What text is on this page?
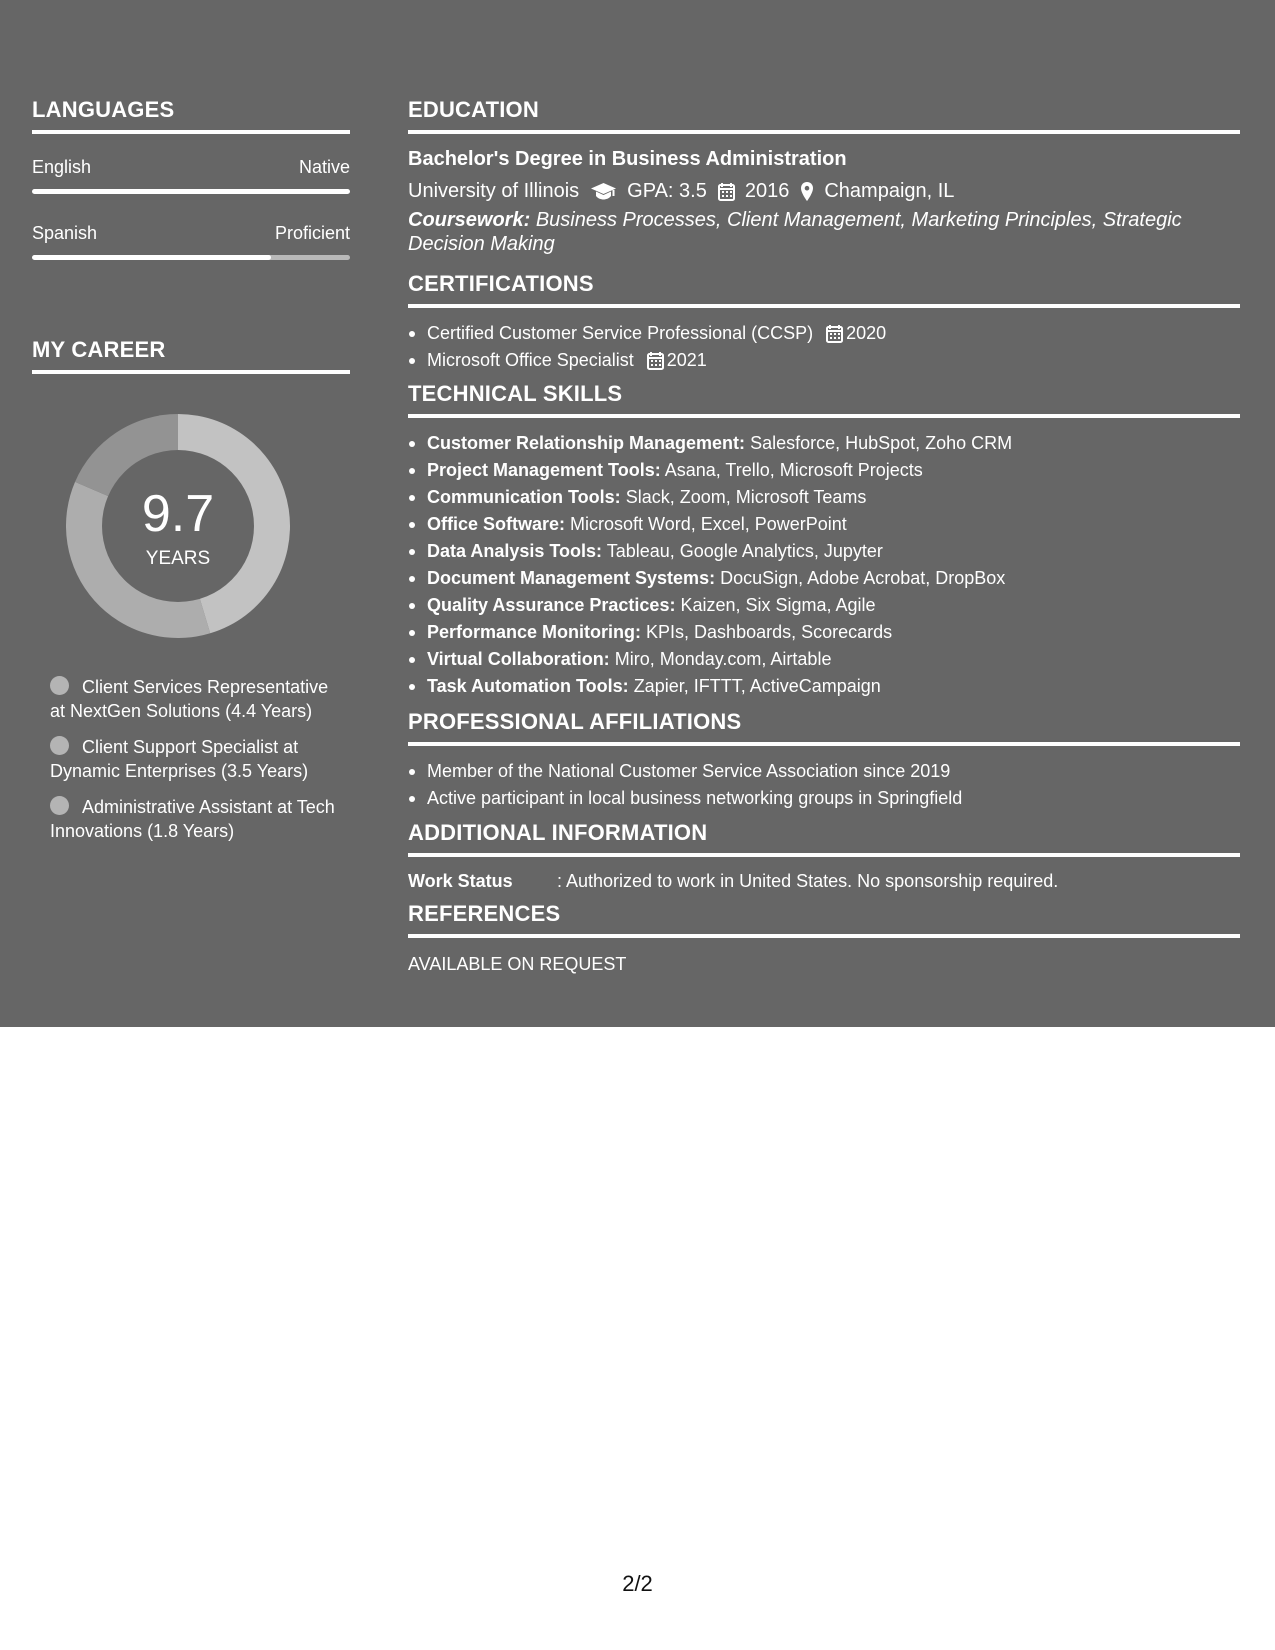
LANGUAGES
English	Native
Spanish	Proficient
MY CAREER
9.7
YEARS
Client Services Representative at NextGen Solutions (4.4 Years)
Client Support Specialist at Dynamic Enterprises (3.5 Years)
Administrative Assistant at Tech Innovations (1.8 Years)
EDUCATION
Bachelor's Degree in Business Administration
University of Illinois GPA: 3.5 2016 Champaign, IL
Coursework: Business Processes, Client Management, Marketing Principles, Strategic Decision Making
CERTIFICATIONS
Certified Customer Service Professional (CCSP) 2020
Microsoft Office Specialist 2021
TECHNICAL SKILLS
Customer Relationship Management: Salesforce, HubSpot, Zoho CRM
Project Management Tools: Asana, Trello, Microsoft Projects
Communication Tools: Slack, Zoom, Microsoft Teams
Office Software: Microsoft Word, Excel, PowerPoint
Data Analysis Tools: Tableau, Google Analytics, Jupyter
Document Management Systems: DocuSign, Adobe Acrobat, DropBox
Quality Assurance Practices: Kaizen, Six Sigma, Agile
Performance Monitoring: KPIs, Dashboards, Scorecards
Virtual Collaboration: Miro, Monday.com, Airtable
Task Automation Tools: Zapier, IFTTT, ActiveCampaign
PROFESSIONAL AFFILIATIONS
Member of the National Customer Service Association since 2019
Active participant in local business networking groups in Springfield
ADDITIONAL INFORMATION
Work Status	: Authorized to work in United States. No sponsorship required.
REFERENCES
AVAILABLE ON REQUEST
2/2
